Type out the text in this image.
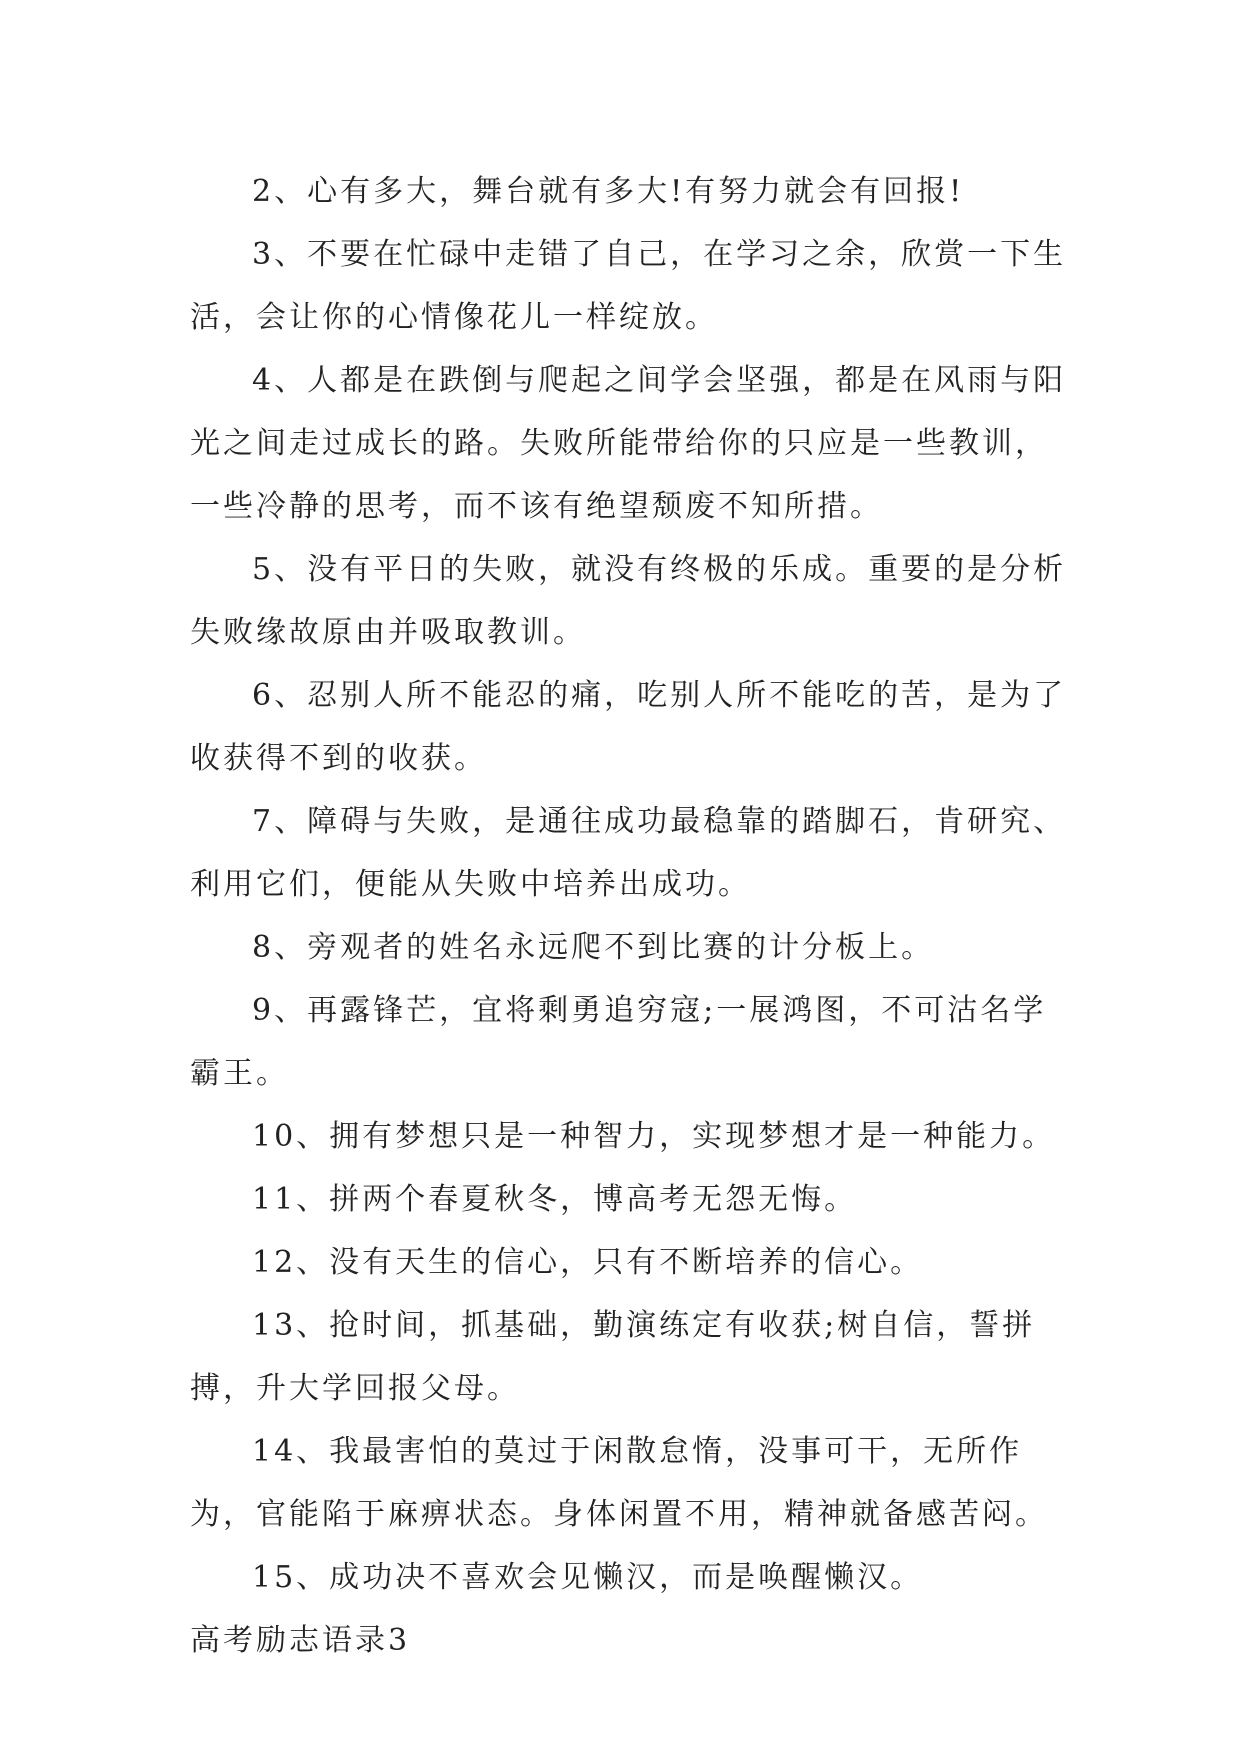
2、心有多大，舞台就有多大!有努力就会有回报!

3、不要在忙碌中走错了自己，在学习之余，欣赏一下生活，会让你的心情像花儿一样绽放。

4、人都是在跌倒与爬起之间学会坚强，都是在风雨与阳光之间走过成长的路。失败所能带给你的只应是一些教训，一些冷静的思考，而不该有绝望颓废不知所措。

5、没有平日的失败，就没有终极的乐成。重要的是分析失败缘故原由并吸取教训。

6、忍别人所不能忍的痛，吃别人所不能吃的苦，是为了收获得不到的收获。

7、障碍与失败，是通往成功最稳靠的踏脚石，肯研究、利用它们，便能从失败中培养出成功。

8、旁观者的姓名永远爬不到比赛的计分板上。

9、再露锋芒，宜将剩勇追穷寇;一展鸿图，不可沽名学霸王。

10、拥有梦想只是一种智力，实现梦想才是一种能力。

11、拼两个春夏秋冬，博高考无怨无悔。

12、没有天生的信心，只有不断培养的信心。

13、抢时间，抓基础，勤演练定有收获;树自信，誓拼搏，升大学回报父母。

14、我最害怕的莫过于闲散怠惰，没事可干，无所作为，官能陷于麻痹状态。身体闲置不用，精神就备感苦闷。

15、成功决不喜欢会见懒汉，而是唤醒懒汉。

高考励志语录3
